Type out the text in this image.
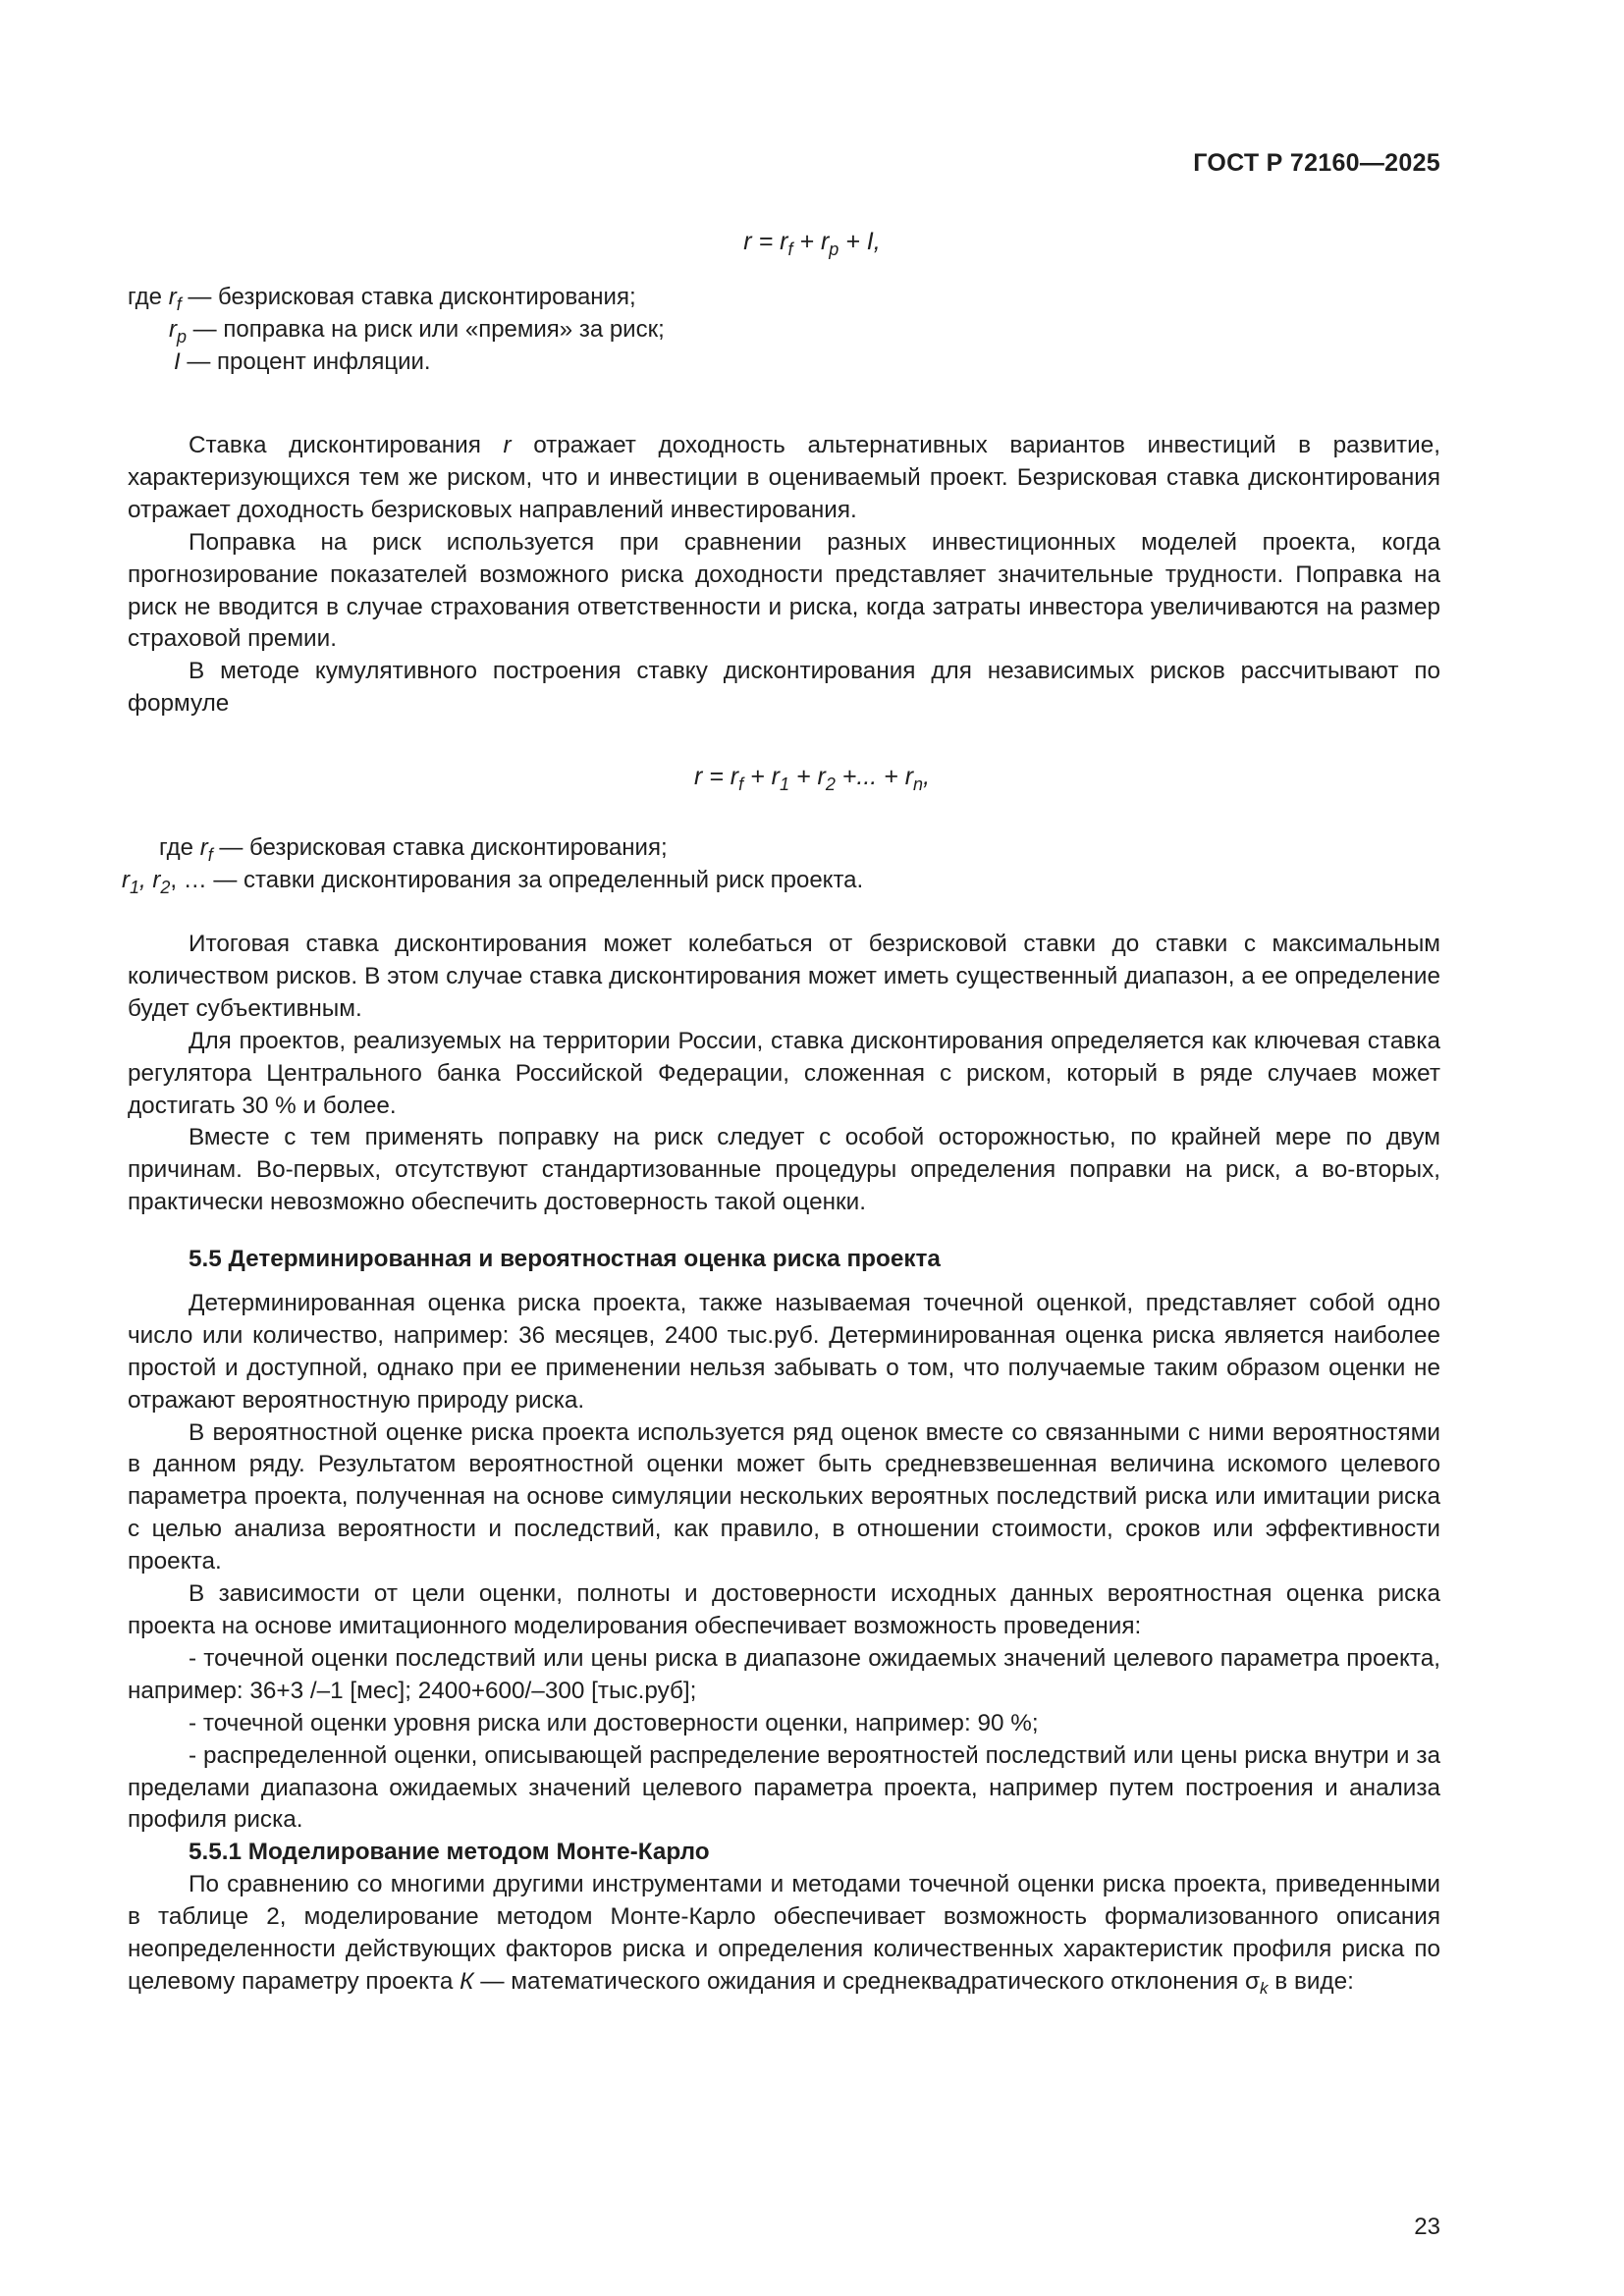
ГОСТ Р 72160—2025
$r = r_f + r_p + I$,
где $r_f$ — безрисковая ставка дисконтирования;
$r_p$ — поправка на риск или «премия» за риск;
I — процент инфляции.

Ставка дисконтирования r отражает доходность альтернативных вариантов инвестиций в развитие, характеризующихся тем же риском, что и инвестиции в оцениваемый проект. Безрисковая ставка дисконтирования отражает доходность безрисковых направлений инвестирования.

Поправка на риск используется при сравнении разных инвестиционных моделей проекта, когда прогнозирование показателей возможного риска доходности представляет значительные трудности. Поправка на риск не вводится в случае страхования ответственности и риска, когда затраты инвестора увеличиваются на размер страховой премии.

В методе кумулятивного построения ставку дисконтирования для независимых рисков рассчитывают по формуле

$r = r_f + r_1 + r_2$ +... + $r_n$,
где $r_f$ — безрисковая ставка дисконтирования;
$r_1$, $r_2$, … — ставки дисконтирования за определенный риск проекта.

Итоговая ставка дисконтирования может колебаться от безрисковой ставки до ставки с максимальным количеством рисков. В этом случае ставка дисконтирования может иметь существенный диапазон, а ее определение будет субъективным.

Для проектов, реализуемых на территории России, ставка дисконтирования определяется как ключевая ставка регулятора Центрального банка Российской Федерации, сложенная с риском, который в ряде случаев может достигать 30 % и более.

Вместе с тем применять поправку на риск следует с особой осторожностью, по крайней мере по двум причинам. Во-первых, отсутствуют стандартизованные процедуры определения поправки на риск, а во-вторых, практически невозможно обеспечить достоверность такой оценки.

5.5 Детерминированная и вероятностная оценка риска проекта

Детерминированная оценка риска проекта, также называемая точечной оценкой, представляет собой одно число или количество, например: 36 месяцев, 2400 тыс.руб. Детерминированная оценка риска является наиболее простой и доступной, однако при ее применении нельзя забывать о том, что получаемые таким образом оценки не отражают вероятностную природу риска.

В вероятностной оценке риска проекта используется ряд оценок вместе со связанными с ними вероятностями в данном ряду. Результатом вероятностной оценки может быть средневзвешенная величина искомого целевого параметра проекта, полученная на основе симуляции нескольких вероятных последствий риска или имитации риска с целью анализа вероятности и последствий, как правило, в отношении стоимости, сроков или эффективности проекта.

В зависимости от цели оценки, полноты и достоверности исходных данных вероятностная оценка риска проекта на основе имитационного моделирования обеспечивает возможность проведения:

- точечной оценки последствий или цены риска в диапазоне ожидаемых значений целевого параметра проекта, например: 36+3 /–1 [мес]; 2400+600/–300 [тыс.руб];

- точечной оценки уровня риска или достоверности оценки, например: 90 %;

- распределенной оценки, описывающей распределение вероятностей последствий или цены риска внутри и за пределами диапазона ожидаемых значений целевого параметра проекта, например путем построения и анализа профиля риска.

5.5.1 Моделирование методом Монте-Карло

По сравнению со многими другими инструментами и методами точечной оценки риска проекта, приведенными в таблице 2, моделирование методом Монте-Карло обеспечивает возможность формализованного описания неопределенности действующих факторов риска и определения количественных характеристик профиля риска по целевому параметру проекта К — математического ожидания и среднеквадратического отклонения $\sigma_k$ в виде:

23
